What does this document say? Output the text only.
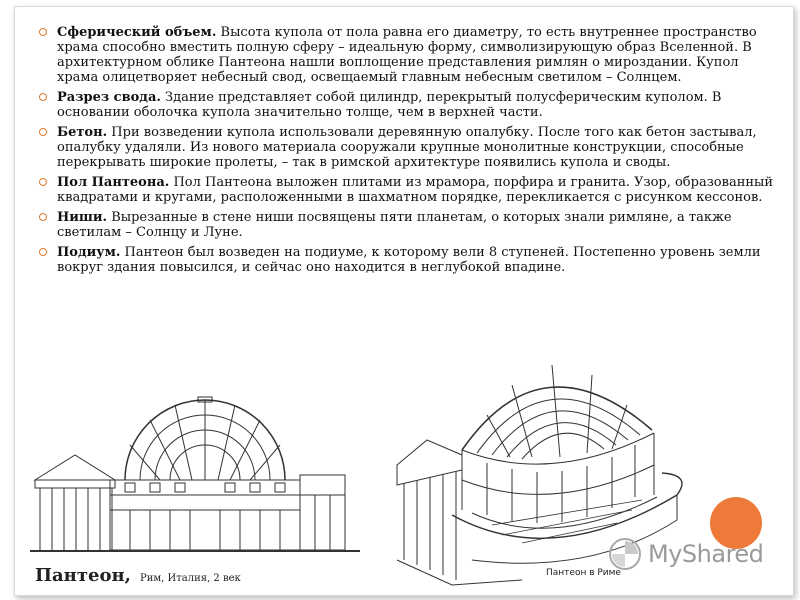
Сферический объем. Высота купола от пола равна его диаметру, то есть внутреннее пространство храма способно вместить полную сферу – идеальную форму, символизирующую образ Вселенной. В архитектурном облике Пантеона нашли воплощение представления римлян о мироздании. Купол храма олицетворяет небесный свод, освещаемый главным небесным светилом – Солнцем.
Разрез свода. Здание представляет собой цилиндр, перекрытый полусферическим куполом. В основании оболочка купола значительно толще, чем в верхней части.
Бетон. При возведении купола использовали деревянную опалубку. После того как бетон застывал, опалубку удаляли. Из нового материала сооружали крупные монолитные конструкции, способные перекрывать широкие пролеты, – так в римской архитектуре появились купола и своды.
Пол Пантеона. Пол Пантеона выложен плитами из мрамора, порфира и гранита. Узор, образованный квадратами и кругами, расположенными в шахматном порядке, перекликается с рисунком кессонов.
Ниши. Вырезанные в стене ниши посвящены пяти планетам, о которых знали римляне, а также светилам – Солнцу и Луне.
Подиум. Пантеон был возведен на подиуме, к которому вели 8 ступеней. Постепенно уровень земли вокруг здания повысился, и сейчас оно находится в неглубокой впадине.
Пантеон, Рим, Италия, 2 век	Пантеон в Риме
MyShared
